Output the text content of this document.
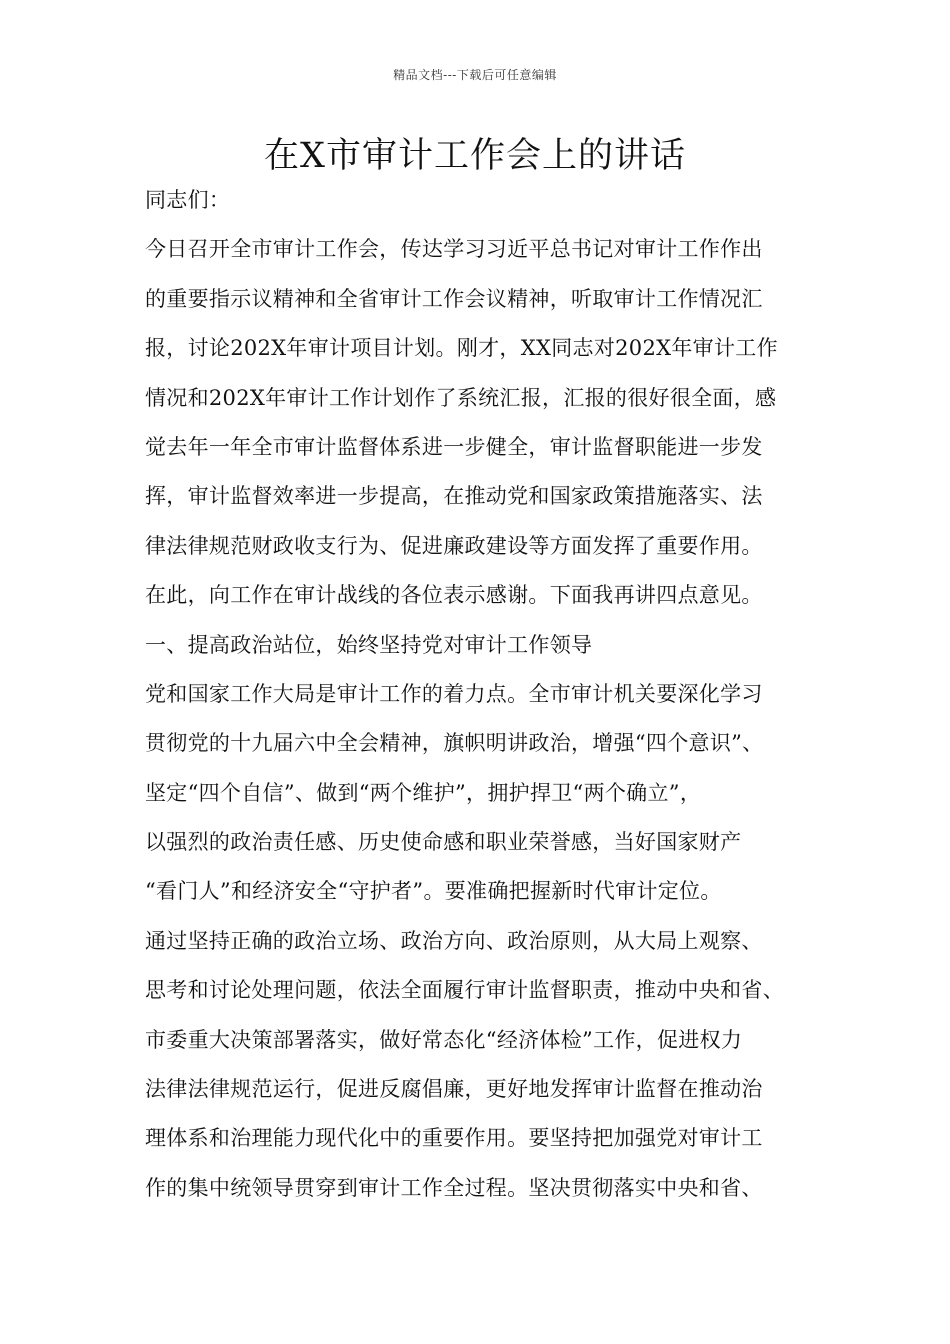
精品文档---下载后可任意编辑
在X市审计工作会上的讲话
同志们：
今日召开全市审计工作会，传达学习习近平总书记对审计工作作出
的重要指示议精神和全省审计工作会议精神，听取审计工作情况汇
报，讨论202X年审计项目计划。刚才，XX同志对202X年审计工作
情况和202X年审计工作计划作了系统汇报，汇报的很好很全面，感
觉去年一年全市审计监督体系进一步健全，审计监督职能进一步发
挥，审计监督效率进一步提高，在推动党和国家政策措施落实、法
律法律规范财政收支行为、促进廉政建设等方面发挥了重要作用。
在此，向工作在审计战线的各位表示感谢。下面我再讲四点意见。
一、提高政治站位，始终坚持党对审计工作领导
党和国家工作大局是审计工作的着力点。全市审计机关要深化学习
贯彻党的十九届六中全会精神，旗帜明讲政治，增强“四个意识”、
坚定“四个自信”、做到“两个维护”，拥护捍卫“两个确立”，
以强烈的政治责任感、历史使命感和职业荣誉感，当好国家财产
“看门人”和经济安全“守护者”。要准确把握新时代审计定位。
通过坚持正确的政治立场、政治方向、政治原则，从大局上观察、
思考和讨论处理问题，依法全面履行审计监督职责，推动中央和省、
市委重大决策部署落实，做好常态化“经济体检”工作，促进权力
法律法律规范运行，促进反腐倡廉，更好地发挥审计监督在推动治
理体系和治理能力现代化中的重要作用。要坚持把加强党对审计工
作的集中统领导贯穿到审计工作全过程。坚决贯彻落实中央和省、
